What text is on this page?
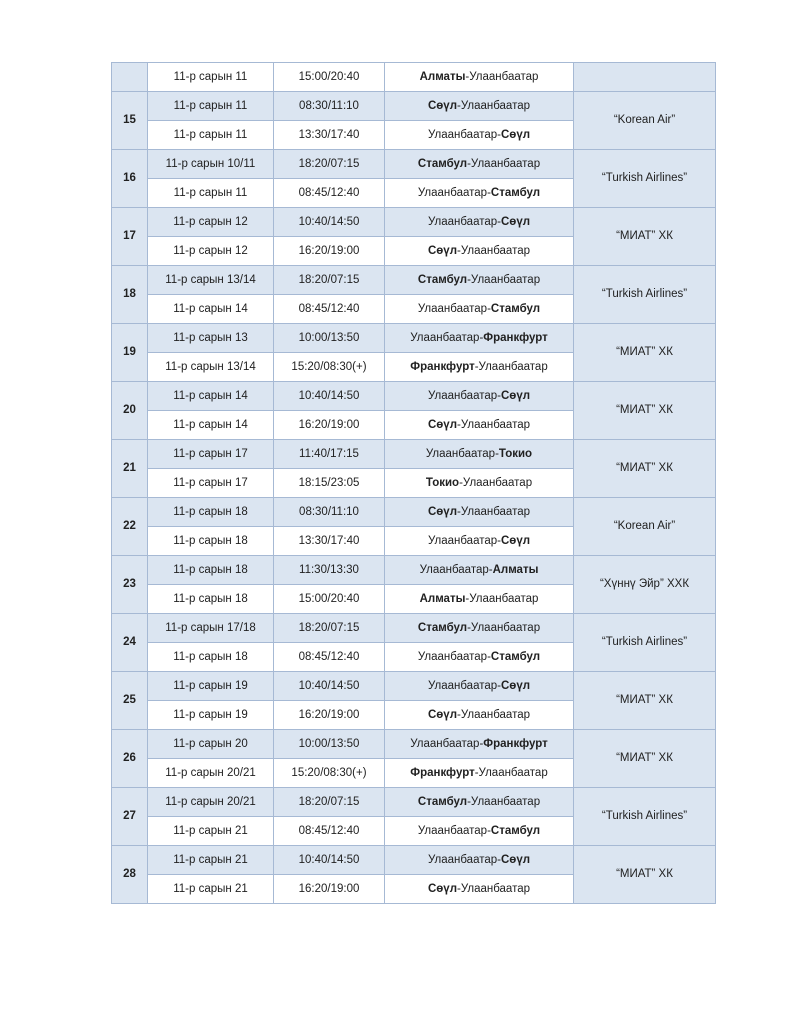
	11-р сарын 11	15:00/20:40	Алматы-Улаанбаатар	
15	11-р сарын 11	08:30/11:10	Сөүл-Улаанбаатар	“Korean Air”
	11-р сарын 11	13:30/17:40	Улаанбаатар-Сөүл	
16	11-р сарын 10/11	18:20/07:15	Стамбул-Улаанбаатар	“Turkish Airlines”
	11-р сарын 11	08:45/12:40	Улаанбаатар-Стамбул	
17	11-р сарын 12	10:40/14:50	Улаанбаатар-Сөүл	“МИАТ” ХК
	11-р сарын 12	16:20/19:00	Сөүл-Улаанбаатар	
18	11-р сарын 13/14	18:20/07:15	Стамбул-Улаанбаатар	“Turkish Airlines”
	11-р сарын 14	08:45/12:40	Улаанбаатар-Стамбул	
19	11-р сарын 13	10:00/13:50	Улаанбаатар-Франкфурт	“МИАТ” ХК
	11-р сарын 13/14	15:20/08:30(+)	Франкфурт-Улаанбаатар	
20	11-р сарын 14	10:40/14:50	Улаанбаатар-Сөүл	“МИАТ” ХК
	11-р сарын 14	16:20/19:00	Сөүл-Улаанбаатар	
21	11-р сарын 17	11:40/17:15	Улаанбаатар-Токио	“МИАТ” ХК
	11-р сарын 17	18:15/23:05	Токио-Улаанбаатар	
22	11-р сарын 18	08:30/11:10	Сөүл-Улаанбаатар	“Korean Air”
	11-р сарын 18	13:30/17:40	Улаанбаатар-Сөүл	
23	11-р сарын 18	11:30/13:30	Улаанбаатар-Алматы	“Хүннү Эйр” ХХК
	11-р сарын 18	15:00/20:40	Алматы-Улаанбаатар	
24	11-р сарын 17/18	18:20/07:15	Стамбул-Улаанбаатар	“Turkish Airlines”
	11-р сарын 18	08:45/12:40	Улаанбаатар-Стамбул	
25	11-р сарын 19	10:40/14:50	Улаанбаатар-Сөүл	“МИАТ” ХК
	11-р сарын 19	16:20/19:00	Сөүл-Улаанбаатар	
26	11-р сарын 20	10:00/13:50	Улаанбаатар-Франкфурт	“МИАТ” ХК
	11-р сарын 20/21	15:20/08:30(+)	Франкфурт-Улаанбаатар	
27	11-р сарын 20/21	18:20/07:15	Стамбул-Улаанбаатар	“Turkish Airlines”
	11-р сарын 21	08:45/12:40	Улаанбаатар-Стамбул	
28	11-р сарын 21	10:40/14:50	Улаанбаатар-Сөүл	“МИАТ” ХК
	11-р сарын 21	16:20/19:00	Сөүл-Улаанбаатар	
